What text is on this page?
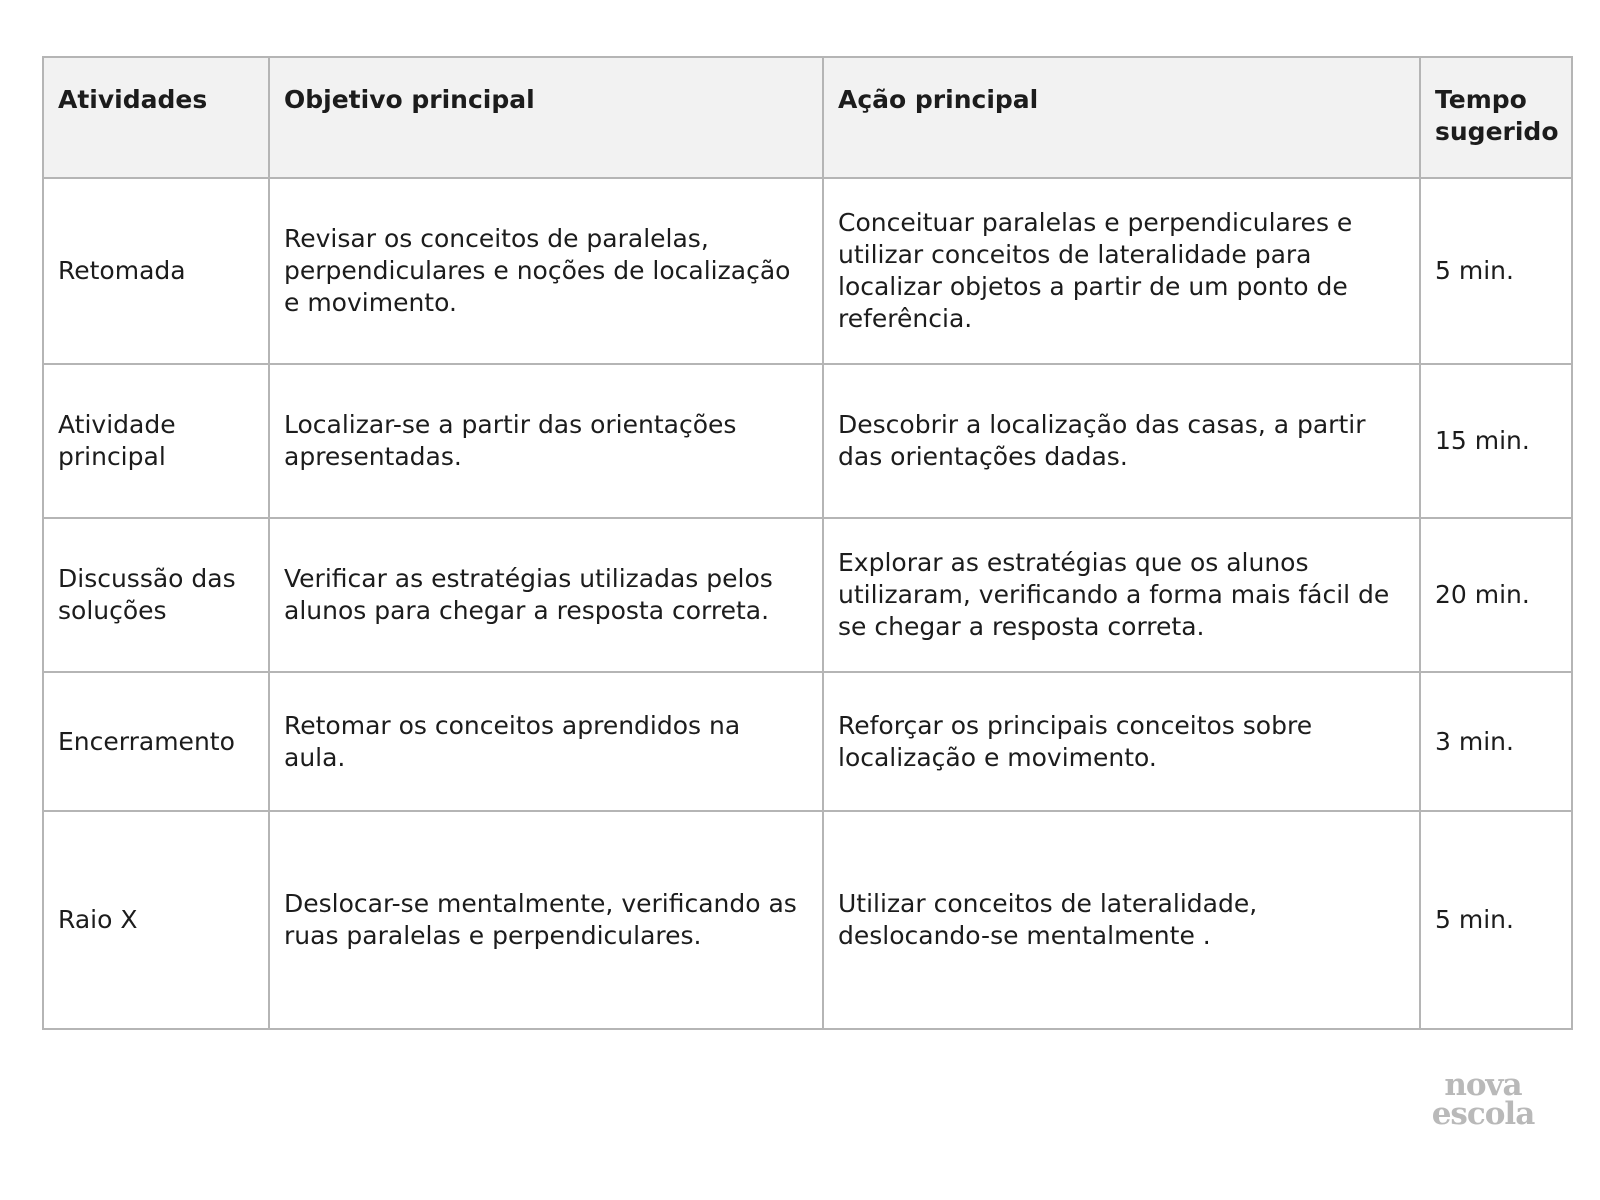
Atividades	Objetivo principal	Ação principal	Tempo sugerido
Retomada	Revisar os conceitos de paralelas, perpendiculares e noções de localização e movimento.	Conceituar paralelas e perpendiculares e utilizar conceitos de lateralidade para localizar objetos a partir de um ponto de referência.	5 min.
Atividade principal	Localizar-se a partir das orientações apresentadas.	Descobrir a localização das casas, a partir das orientações dadas.	15 min.
Discussão das soluções	Verificar as estratégias utilizadas pelos alunos para chegar a resposta correta.	Explorar as estratégias que os alunos utilizaram, verificando a forma mais fácil de se chegar a resposta correta.	20 min.
Encerramento	Retomar os conceitos aprendidos na aula.	Reforçar os principais conceitos sobre localização e movimento.	3 min.
Raio X	Deslocar-se mentalmente, verificando as ruas paralelas e perpendiculares.	Utilizar conceitos de lateralidade, deslocando-se mentalmente .	5 min.
nova
escola
